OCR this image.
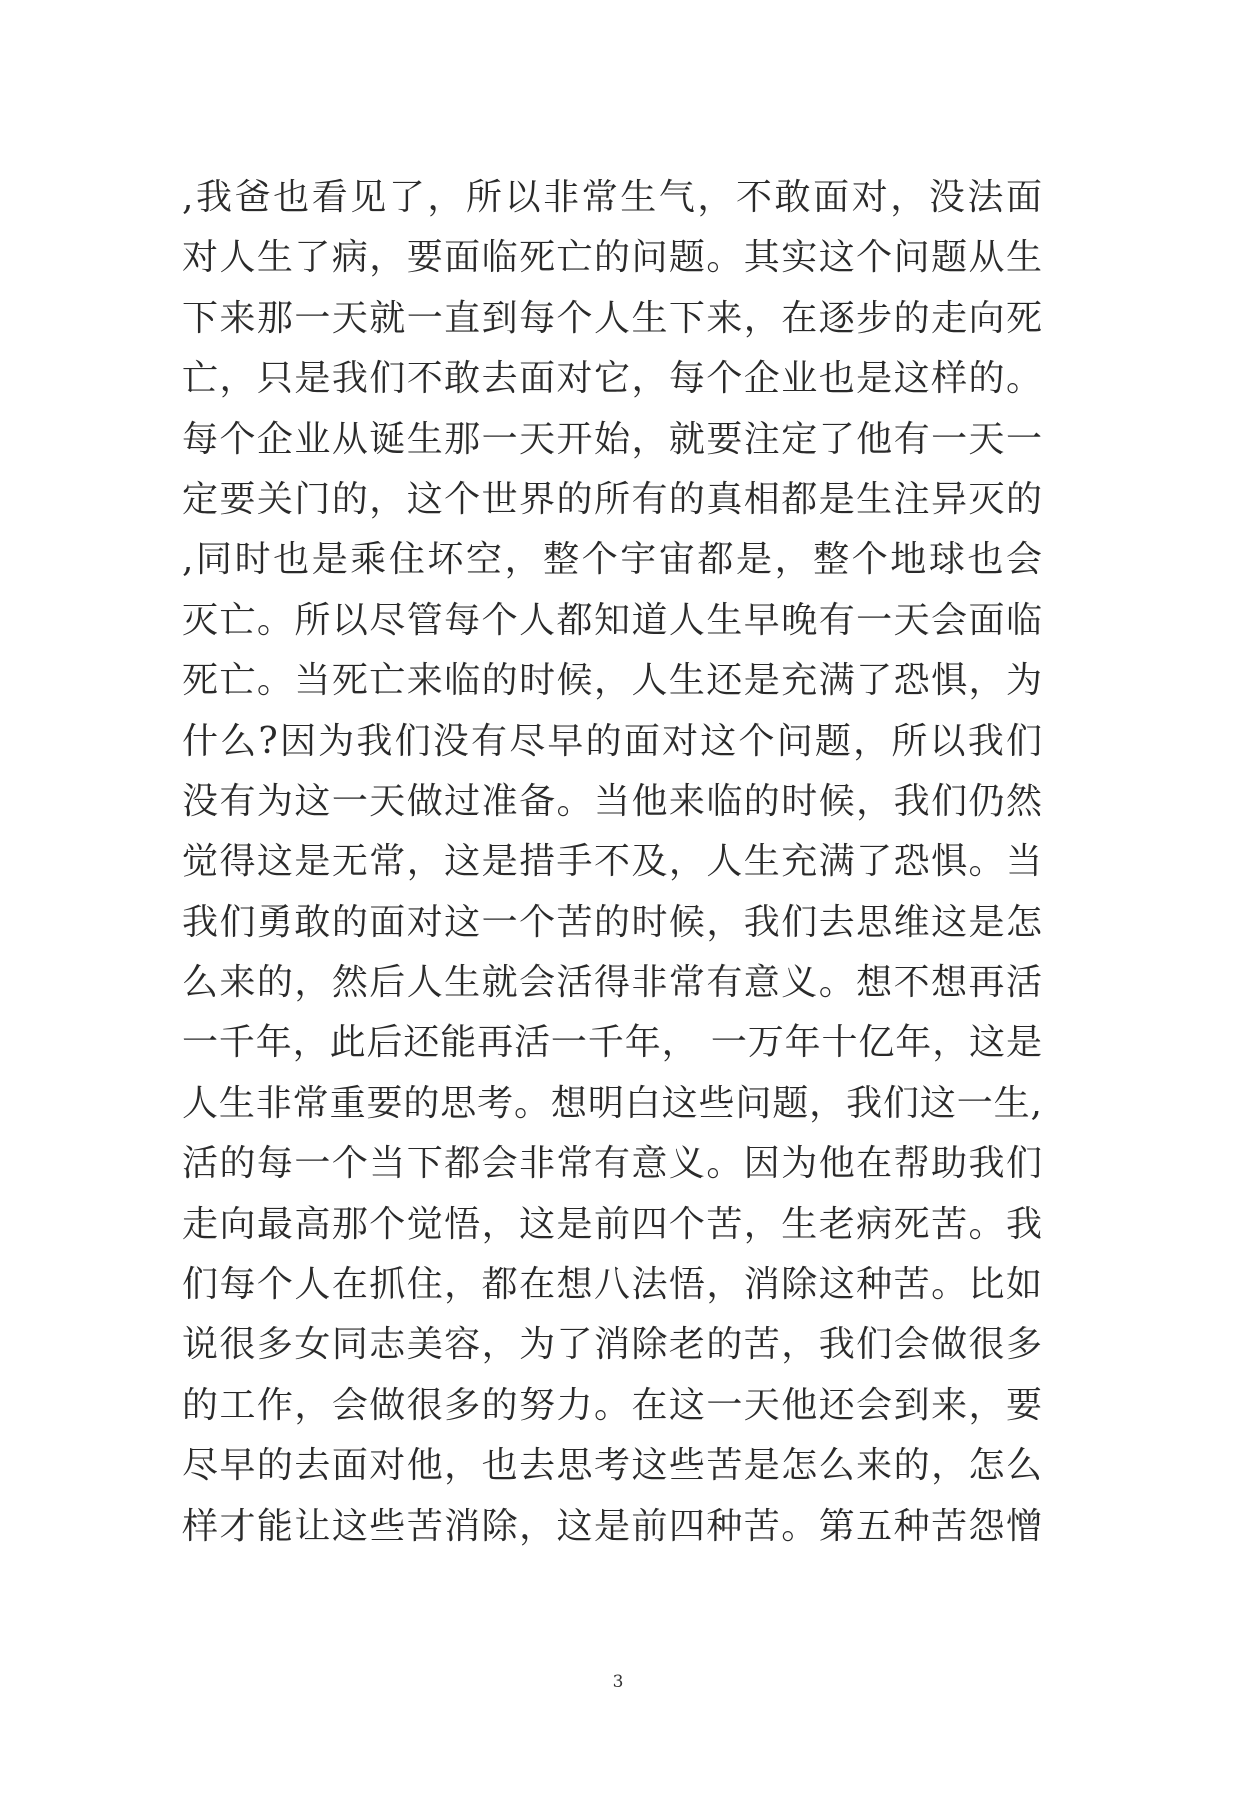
,我爸也看见了，所以非常生气，不敢面对，没法面
对人生了病，要面临死亡的问题。其实这个问题从生
下来那一天就一直到每个人生下来，在逐步的走向死
亡，只是我们不敢去面对它，每个企业也是这样的。
每个企业从诞生那一天开始，就要注定了他有一天一
定要关门的，这个世界的所有的真相都是生注异灭的
,同时也是乘住坏空，整个宇宙都是，整个地球也会
灭亡。所以尽管每个人都知道人生早晚有一天会面临
死亡。当死亡来临的时候，人生还是充满了恐惧，为
什么?因为我们没有尽早的面对这个问题，所以我们
没有为这一天做过准备。当他来临的时候，我们仍然
觉得这是无常，这是措手不及，人生充满了恐惧。当
我们勇敢的面对这一个苦的时候，我们去思维这是怎
么来的，然后人生就会活得非常有意义。想不想再活
一千年，此后还能再活一千年， 一万年十亿年，这是
人生非常重要的思考。想明白这些问题，我们这一生,
活的每一个当下都会非常有意义。因为他在帮助我们
走向最高那个觉悟，这是前四个苦，生老病死苦。我
们每个人在抓住，都在想八法悟，消除这种苦。比如
说很多女同志美容，为了消除老的苦，我们会做很多
的工作，会做很多的努力。在这一天他还会到来，要
尽早的去面对他，也去思考这些苦是怎么来的，怎么
样才能让这些苦消除，这是前四种苦。第五种苦怨憎
3
